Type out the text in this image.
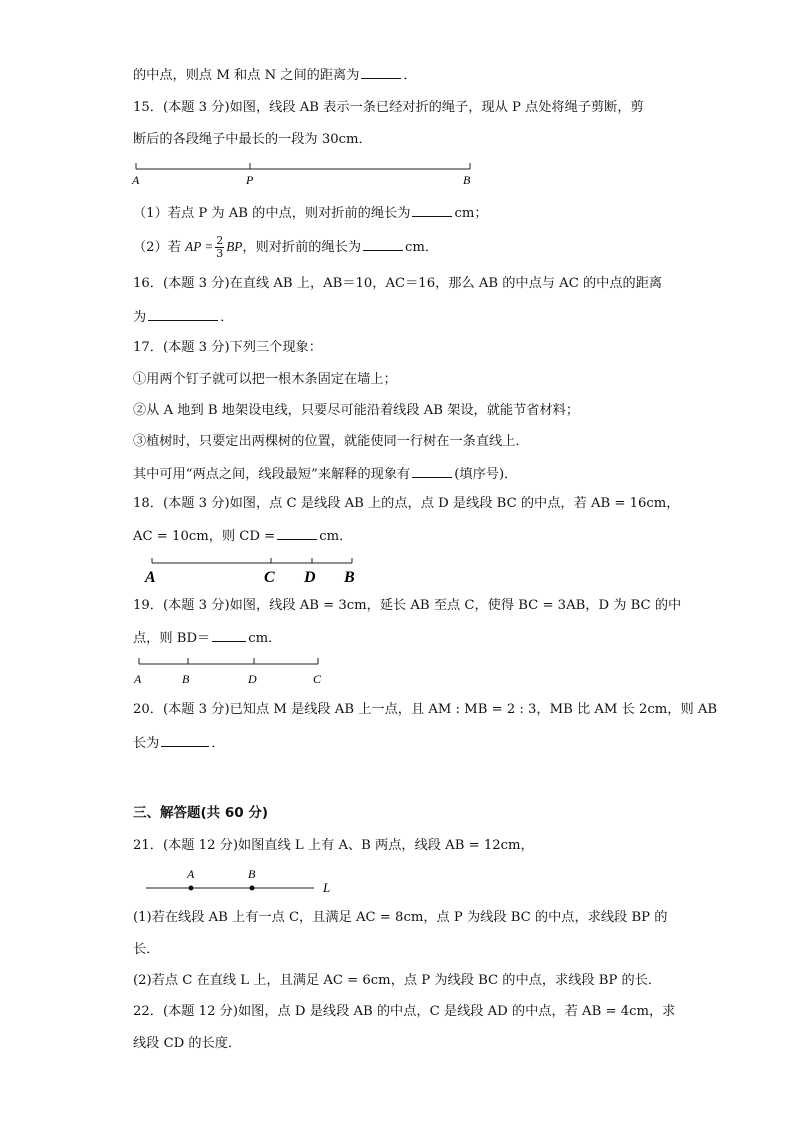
的中点，则点 M 和点 N 之间的距离为	．
15．(本题 3 分)如图，线段 AB 表示一条已经对折的绳子，现从 P 点处将绳子剪断，剪
断后的各段绳子中最长的一段为 30cm．
A	P	B
（1）若点 P 为 AB 的中点，则对折前的绳长为	cm；
（2）若 AP = $\frac{2}{3}$ BP，则对折前的绳长为	cm．
16．(本题 3 分)在直线 AB 上，AB＝10，AC＝16，那么 AB 的中点与 AC 的中点的距离
为	．
17．(本题 3 分)下列三个现象：
①用两个钉子就可以把一根木条固定在墙上；
②从 A 地到 B 地架设电线，只要尽可能沿着线段 AB 架设，就能节省材料；
③植树时，只要定出两棵树的位置，就能使同一行树在一条直线上．
其中可用“两点之间，线段最短”来解释的现象有	(填序号)．
18．(本题 3 分)如图，点 C 是线段 AB 上的点，点 D 是线段 BC 的中点，若 AB = 16cm，
AC = 10cm，则 CD =	cm．
A	C D B
19．(本题 3 分)如图，线段 AB = 3cm，延长 AB 至点 C，使得 BC = 3AB，D 为 BC 的中
点，则 BD＝	cm．
A	B	D	C
20．(本题 3 分)已知点 M 是线段 AB 上一点，且 AM : MB = 2 : 3，MB 比 AM 长 2cm，则 AB
长为	．
三、解答题(共 60 分)
21．(本题 12 分)如图直线 L 上有 A、B 两点，线段 AB = 12cm，
A	B
L
(1)若在线段 AB 上有一点 C，且满足 AC = 8cm，点 P 为线段 BC 的中点，求线段 BP 的
长．
(2)若点 C 在直线 L 上，且满足 AC = 6cm，点 P 为线段 BC 的中点，求线段 BP 的长．
22．(本题 12 分)如图，点 D 是线段 AB 的中点，C 是线段 AD 的中点，若 AB = 4cm，求
线段 CD 的长度．
